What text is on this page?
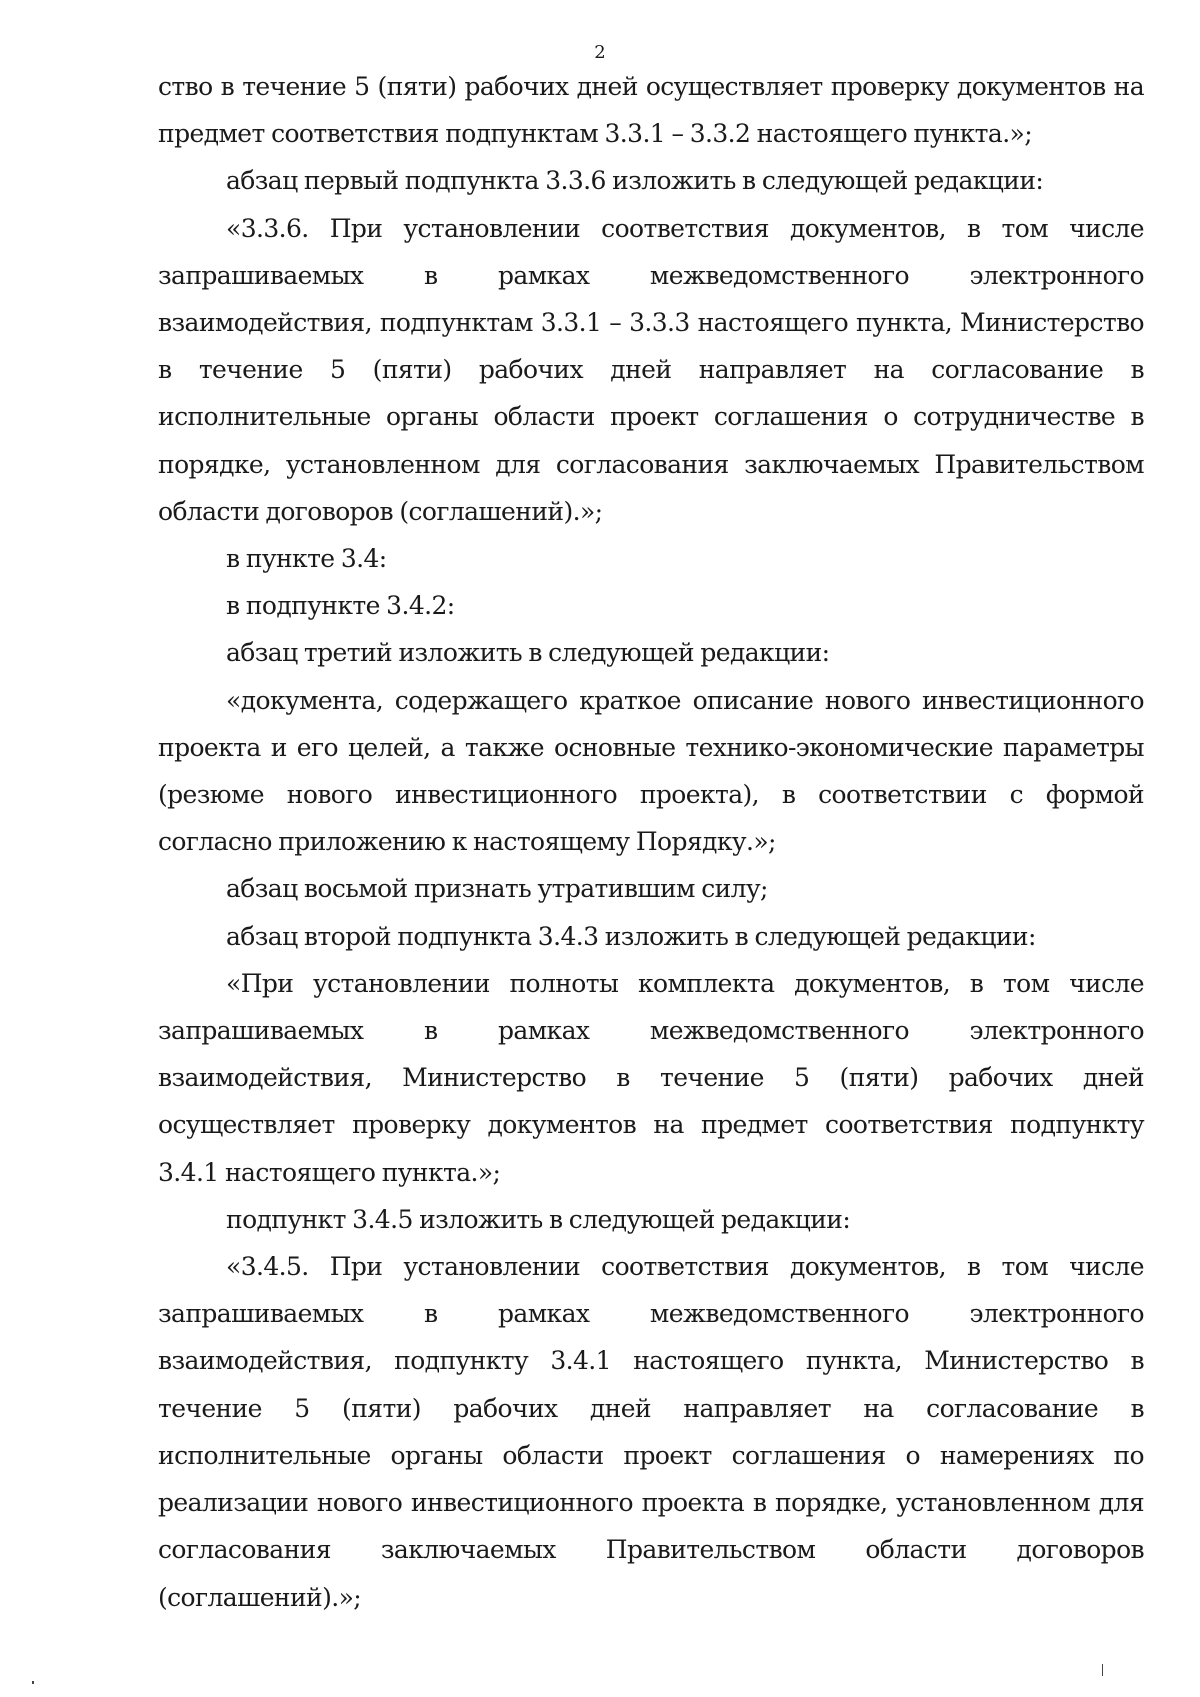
2

ство в течение 5 (пяти) рабочих дней осуществляет проверку документов на предмет соответствия подпунктам 3.3.1 – 3.3.2 настоящего пункта.»;

абзац первый подпункта 3.3.6 изложить в следующей редакции:

«3.3.6. При установлении соответствия документов, в том числе запрашиваемых в рамках межведомственного электронного взаимодействия, подпунктам 3.3.1 – 3.3.3 настоящего пункта, Министерство в течение 5 (пяти) рабочих дней направляет на согласование в исполнительные органы области проект соглашения о сотрудничестве в порядке, установленном для согласования заключаемых Правительством области договоров (соглашений).»;

в пункте 3.4:

в подпункте 3.4.2:

абзац третий изложить в следующей редакции:

«документа, содержащего краткое описание нового инвестиционного проекта и его целей, а также основные технико-экономические параметры (резюме нового инвестиционного проекта), в соответствии с формой согласно приложению к настоящему Порядку.»;

абзац восьмой признать утратившим силу;

абзац второй подпункта 3.4.3 изложить в следующей редакции:

«При установлении полноты комплекта документов, в том числе запрашиваемых в рамках межведомственного электронного взаимодействия, Министерство в течение 5 (пяти) рабочих дней осуществляет проверку документов на предмет соответствия подпункту 3.4.1 настоящего пункта.»;

подпункт 3.4.5 изложить в следующей редакции:

«3.4.5. При установлении соответствия документов, в том числе запрашиваемых в рамках межведомственного электронного взаимодействия, подпункту 3.4.1 настоящего пункта, Министерство в течение 5 (пяти) рабочих дней направляет на согласование в исполнительные органы области проект соглашения о намерениях по реализации нового инвестиционного проекта в порядке, установленном для согласования заключаемых Правительством области договоров (соглашений).»;
